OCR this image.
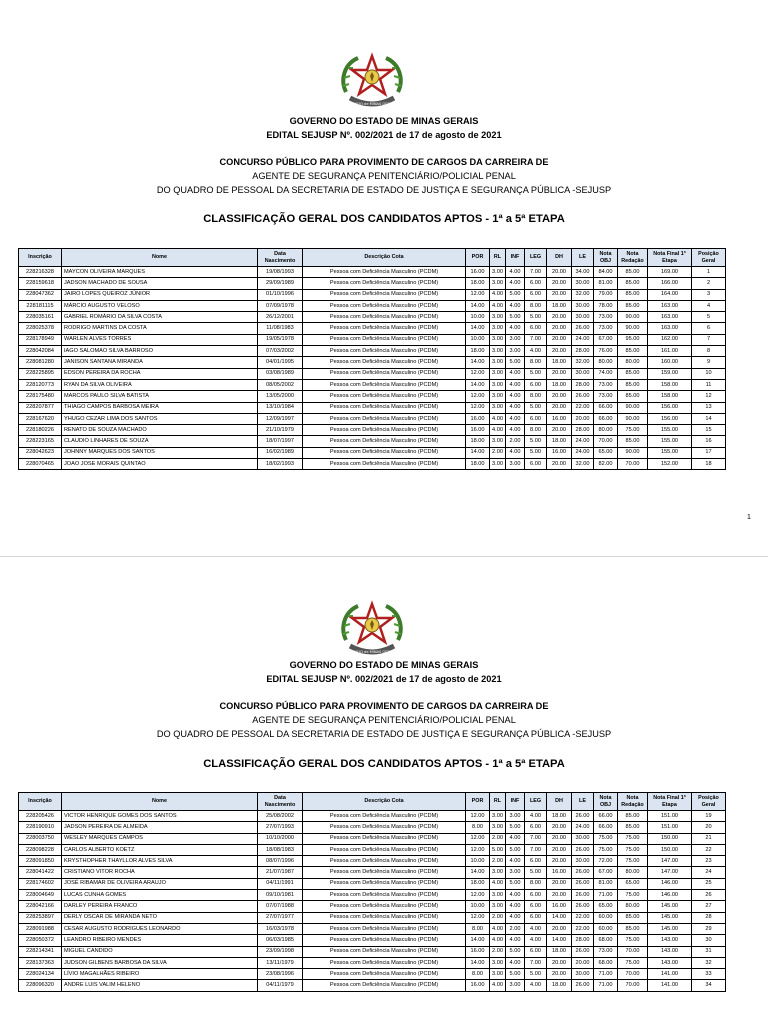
ESTADO de MINAS GERAIS
GOVERNO DO ESTADO DE MINAS GERAIS
EDITAL SEJUSP Nº. 002/2021 de 17 de agosto de 2021
CONCURSO PÚBLICO PARA PROVIMENTO DE CARGOS DA CARREIRA DE
AGENTE DE SEGURANÇA PENITENCIÁRIO/POLICIAL PENAL
DO QUADRO DE PESSOAL DA SECRETARIA DE ESTADO DE JUSTIÇA E SEGURANÇA PÚBLICA -SEJUSP
CLASSIFICAÇÃO GERAL DOS CANDIDATOS APTOS - 1ª a 5ª ETAPA
Inscrição	Nome	Data Nascimento	Descrição Cota	POR	RL	INF	LEG	DH	LE	Nota OBJ	Nota Redação	Nota Final 1ª Etapa	Posição Geral
228216328	MAYCON OLIVEIRA MARQUES	19/08/1993	Pessoa com Deficiência Masculino (PCDM)	16.00	3.00	4.00	7.00	20.00	34.00	84.00	85.00	169.00	1
228159618	JADSON MACHADO DE SOUSA	29/09/1989	Pessoa com Deficiência Masculino (PCDM)	18.00	3.00	4.00	6.00	20.00	30.00	81.00	85.00	166.00	2
228047362	JAIRO LOPES QUEIROZ JÚNIOR	01/10/1996	Pessoa com Deficiência Masculino (PCDM)	12.00	4.00	5.00	6.00	20.00	32.00	79.00	85.00	164.00	3
228181115	MÁRCIO AUGUSTO VELOSO	07/09/1978	Pessoa com Deficiência Masculino (PCDM)	14.00	4.00	4.00	8.00	18.00	30.00	78.00	85.00	163.00	4
228035161	GABRIEL ROMÁRIO DA SILVA COSTA	26/12/2001	Pessoa com Deficiência Masculino (PCDM)	10.00	3.00	5.00	5.00	20.00	30.00	73.00	90.00	163.00	5
228025378	RODRIGO MARTINS DA COSTA	11/08/1983	Pessoa com Deficiência Masculino (PCDM)	14.00	3.00	4.00	6.00	20.00	26.00	73.00	90.00	163.00	6
228178949	WARLEN ALVES TORRES	19/05/1978	Pessoa com Deficiência Masculino (PCDM)	10.00	3.00	3.00	7.00	20.00	24.00	67.00	95.00	162.00	7
228042084	IAGO SALOMAO SILVA BARROSO	07/03/2002	Pessoa com Deficiência Masculino (PCDM)	18.00	3.00	3.00	4.00	20.00	28.00	76.00	85.00	161.00	8
228081280	JANISON SANTANA MIRANDA	04/01/1995	Pessoa com Deficiência Masculino (PCDM)	14.00	3.00	5.00	8.00	18.00	32.00	80.00	80.00	160.00	9
228225895	EDSON PEREIRA DA ROCHA	03/08/1989	Pessoa com Deficiência Masculino (PCDM)	12.00	3.00	4.00	5.00	20.00	30.00	74.00	85.00	159.00	10
228120773	RYAN DA SILVA OLIVEIRA	08/05/2002	Pessoa com Deficiência Masculino (PCDM)	14.00	3.00	4.00	6.00	18.00	28.00	73.00	85.00	158.00	11
228175480	MARCOS PAULO SILVA BATISTA	13/05/2000	Pessoa com Deficiência Masculino (PCDM)	12.00	3.00	4.00	8.00	20.00	26.00	73.00	85.00	158.00	12
228207877	THIAGO CAMPOS BARBOSA MEIRA	13/10/1984	Pessoa com Deficiência Masculino (PCDM)	12.00	3.00	4.00	5.00	20.00	22.00	66.00	90.00	156.00	13
228167620	YHUGO CEZAR LIMA DOS SANTOS	12/09/1997	Pessoa com Deficiência Masculino (PCDM)	16.00	4.00	4.00	6.00	16.00	20.00	66.00	90.00	156.00	14
228180226	RENATO DE SOUZA MACHADO	21/10/1979	Pessoa com Deficiência Masculino (PCDM)	16.00	4.00	4.00	8.00	20.00	28.00	80.00	75.00	155.00	15
228223165	CLAUDIO LINHARES DE SOUZA	18/07/1997	Pessoa com Deficiência Masculino (PCDM)	18.00	3.00	2.00	5.00	18.00	24.00	70.00	85.00	155.00	16
228042623	JOHNNY MARQUES DOS SANTOS	16/02/1989	Pessoa com Deficiência Masculino (PCDM)	14.00	2.00	4.00	5.00	16.00	24.00	65.00	90.00	155.00	17
228070465	JOAO JOSE MORAIS QUINTAO	18/02/1993	Pessoa com Deficiência Masculino (PCDM)	18.00	3.00	3.00	6.00	20.00	32.00	82.00	70.00	152.00	18
1
ESTADO de MINAS GERAIS
GOVERNO DO ESTADO DE MINAS GERAIS
EDITAL SEJUSP Nº. 002/2021 de 17 de agosto de 2021
CONCURSO PÚBLICO PARA PROVIMENTO DE CARGOS DA CARREIRA DE
AGENTE DE SEGURANÇA PENITENCIÁRIO/POLICIAL PENAL
DO QUADRO DE PESSOAL DA SECRETARIA DE ESTADO DE JUSTIÇA E SEGURANÇA PÚBLICA -SEJUSP
CLASSIFICAÇÃO GERAL DOS CANDIDATOS APTOS - 1ª a 5ª ETAPA
Inscrição	Nome	Data Nascimento	Descrição Cota	POR	RL	INF	LEG	DH	LE	Nota OBJ	Nota Redação	Nota Final 1ª Etapa	Posição Geral
228205426	VICTOR HENRIQUE GOMES DOS SANTOS	25/08/2002	Pessoa com Deficiência Masculino (PCDM)	12.00	3.00	3.00	4.00	18.00	26.00	66.00	85.00	151.00	19
228190910	JADSON PEREIRA DE ALMEIDA	27/07/1993	Pessoa com Deficiência Masculino (PCDM)	8.00	3.00	5.00	6.00	20.00	24.00	66.00	85.00	151.00	20
228003750	WESLEY MARQUES CAMPOS	10/10/2000	Pessoa com Deficiência Masculino (PCDM)	12.00	2.00	4.00	7.00	20.00	30.00	75.00	75.00	150.00	21
228098228	CARLOS ALBERTO KOETZ	18/08/1983	Pessoa com Deficiência Masculino (PCDM)	12.00	5.00	5.00	7.00	20.00	26.00	75.00	75.00	150.00	22
228091850	KRYSTHOPHER THAYLLOR ALVES SILVA	08/07/1996	Pessoa com Deficiência Masculino (PCDM)	10.00	2.00	4.00	6.00	20.00	30.00	72.00	75.00	147.00	23
228041422	CRISTIANO VITOR ROCHA	21/07/1987	Pessoa com Deficiência Masculino (PCDM)	14.00	3.00	3.00	5.00	16.00	26.00	67.00	80.00	147.00	24
228174602	JOSÉ RIBAMAR DE OLIVEIRA ARAUJO	04/11/1991	Pessoa com Deficiência Masculino (PCDM)	18.00	4.00	5.00	8.00	20.00	26.00	81.00	65.00	146.00	25
228004649	LUCAS CUNHA GOMES	09/10/1981	Pessoa com Deficiência Masculino (PCDM)	12.00	3.00	4.00	6.00	20.00	26.00	71.00	75.00	146.00	26
228042166	DARLEY PEREIRA FRANCO	07/07/1988	Pessoa com Deficiência Masculino (PCDM)	10.00	3.00	4.00	6.00	16.00	26.00	65.00	80.00	145.00	27
228253897	DERLY OSCAR DE MIRANDA NETO	27/07/1977	Pessoa com Deficiência Masculino (PCDM)	12.00	2.00	4.00	6.00	14.00	22.00	60.00	85.00	145.00	28
228091988	CESAR AUGUSTO RODRIGUES LEONARDO	16/03/1978	Pessoa com Deficiência Masculino (PCDM)	8.00	4.00	2.00	4.00	20.00	22.00	60.00	85.00	145.00	29
228050372	LEANDRO RIBEIRO MENDES	06/03/1985	Pessoa com Deficiência Masculino (PCDM)	14.00	4.00	4.00	4.00	14.00	28.00	68.00	75.00	143.00	30
228214341	MIGUEL CANDIDO	23/09/1998	Pessoa com Deficiência Masculino (PCDM)	16.00	2.00	5.00	6.00	18.00	26.00	73.00	70.00	143.00	31
228137363	JUDSON GILBENS BARBOSA DA SILVA	13/11/1979	Pessoa com Deficiência Masculino (PCDM)	14.00	3.00	4.00	7.00	20.00	20.00	68.00	75.00	143.00	32
228024134	LÍVIO MAGALHÃES RIBEIRO	23/08/1996	Pessoa com Deficiência Masculino (PCDM)	8.00	3.00	5.00	5.00	20.00	30.00	71.00	70.00	141.00	33
228096320	ANDRE LUIS VALIM HELENO	04/11/1979	Pessoa com Deficiência Masculino (PCDM)	16.00	4.00	3.00	4.00	18.00	26.00	71.00	70.00	141.00	34
